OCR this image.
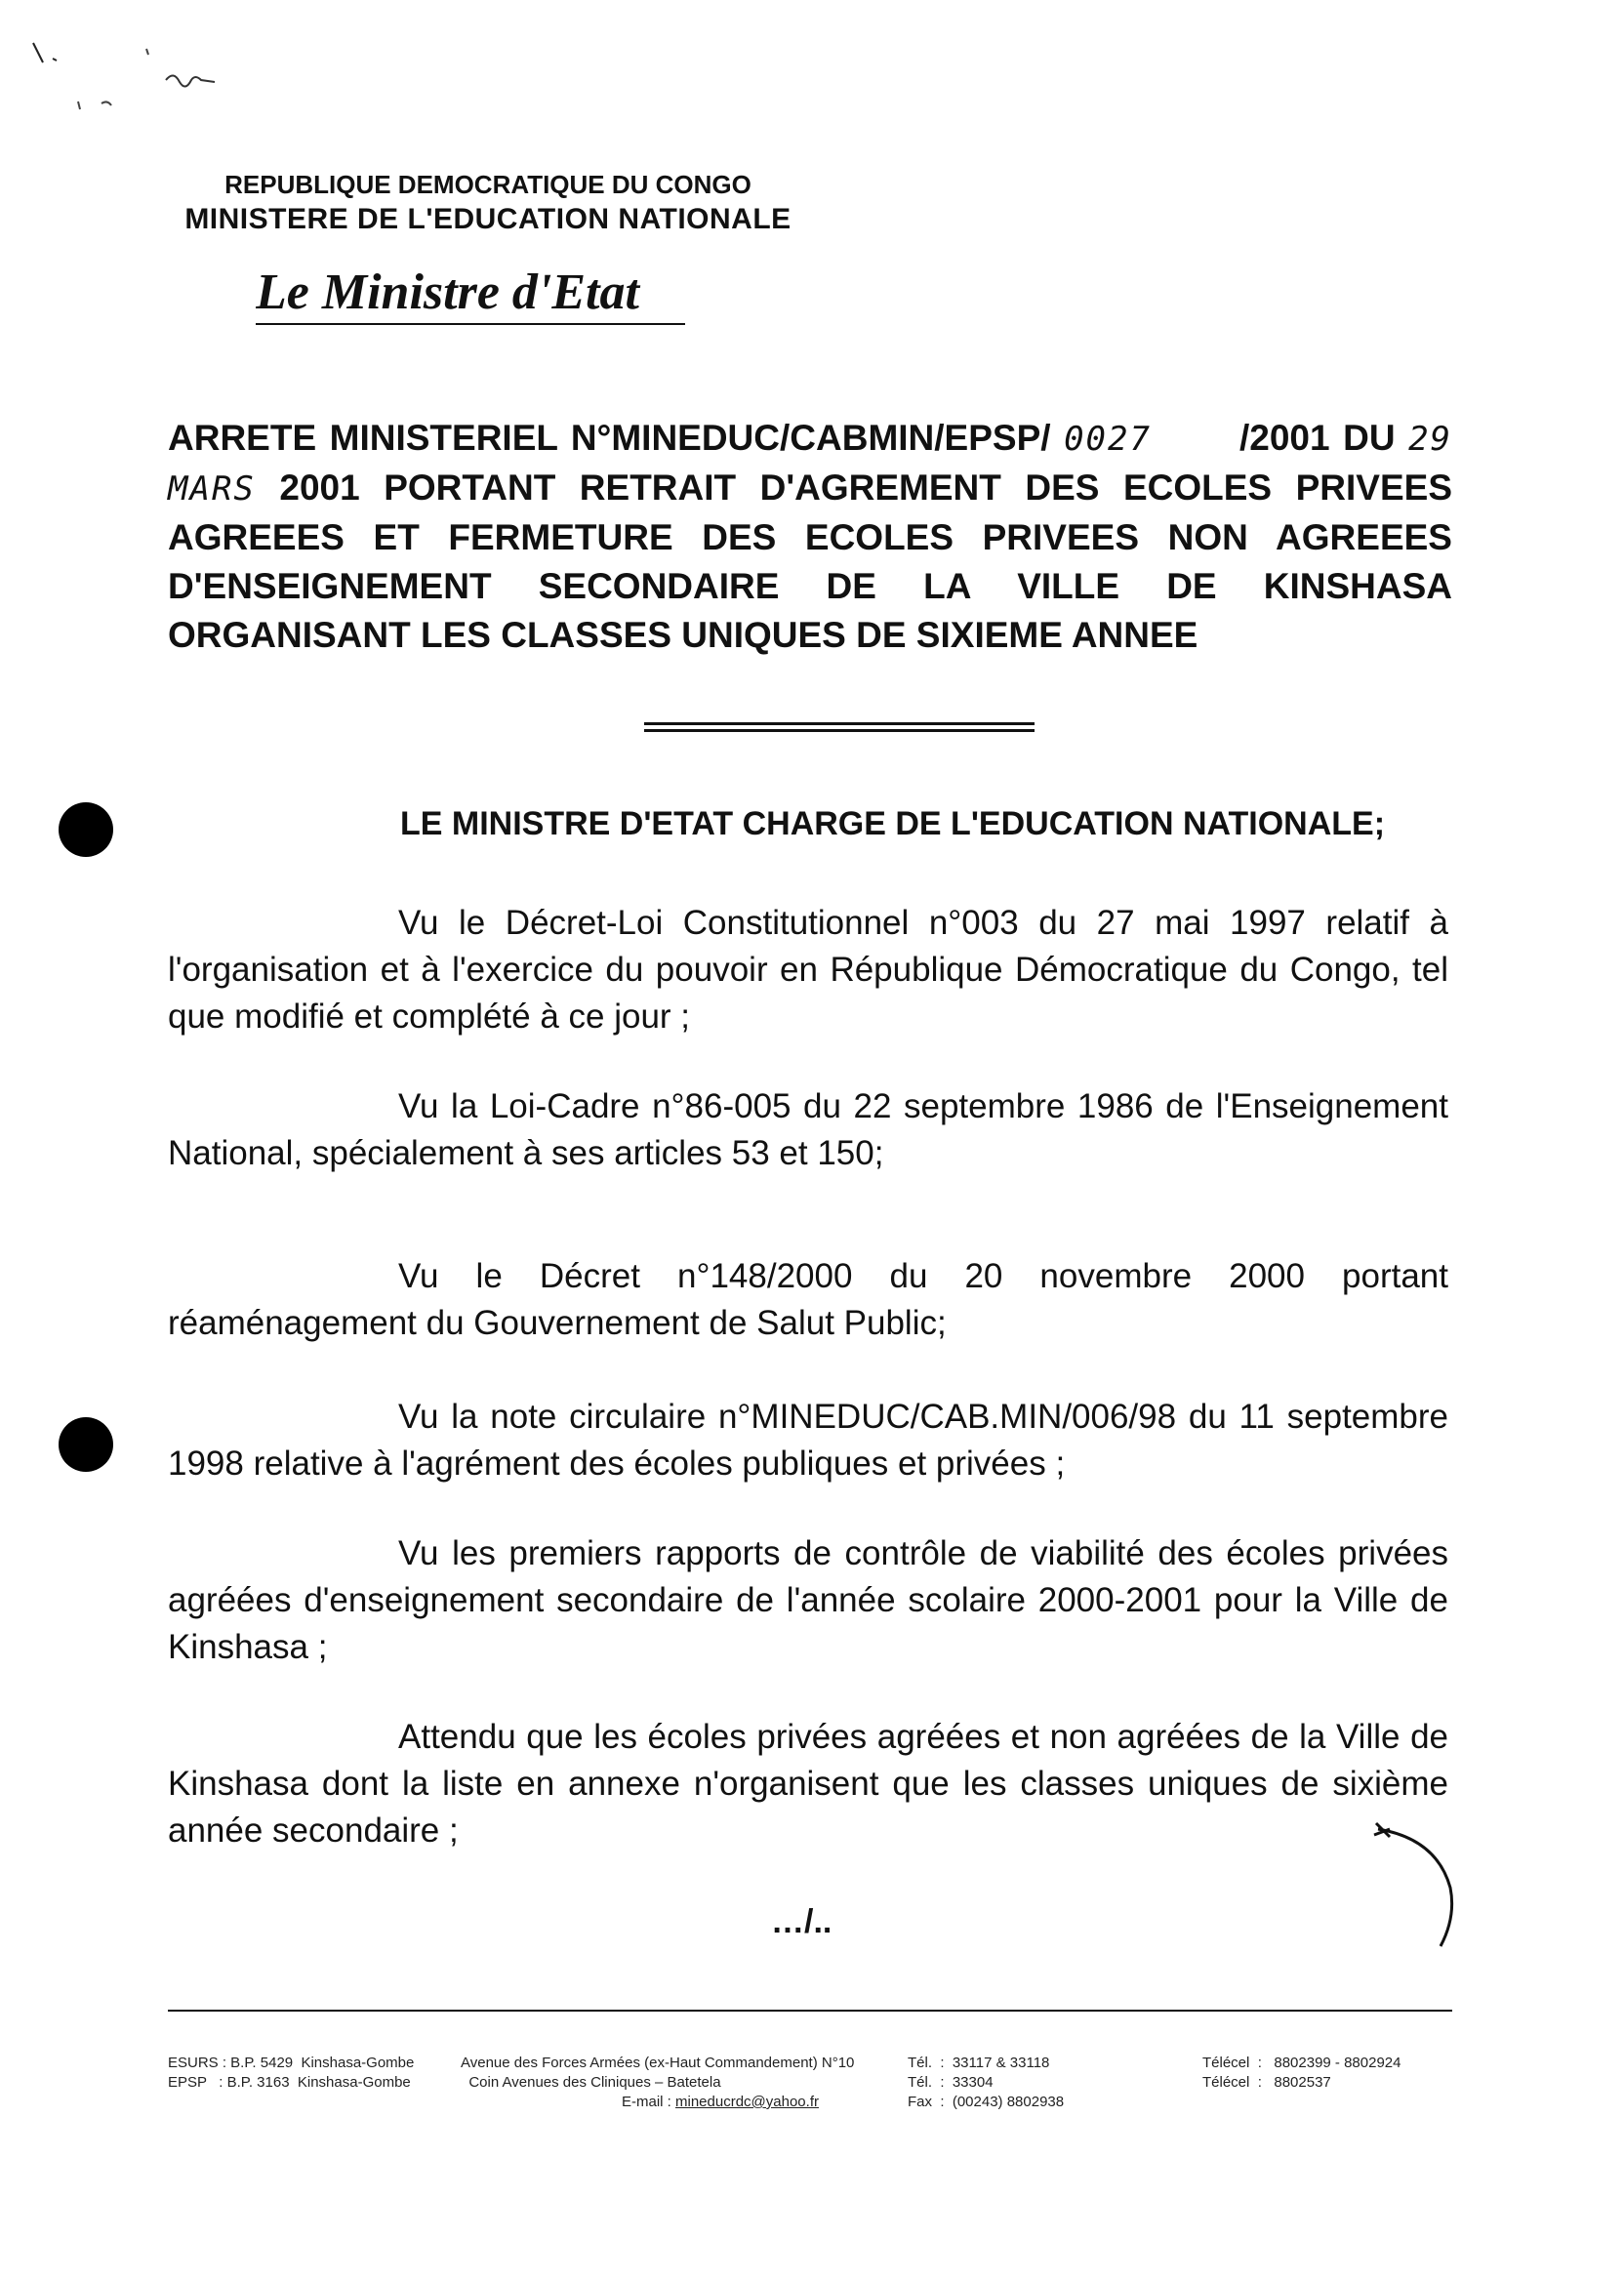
REPUBLIQUE DEMOCRATIQUE DU CONGO
MINISTERE DE L'EDUCATION NATIONALE
Le Ministre d'Etat
ARRETE MINISTERIEL N°MINEDUC/CABMIN/EPSP/ 0027 /2001 DU 29 MARS 2001 PORTANT RETRAIT D'AGREMENT DES ECOLES PRIVEES AGREEES ET FERMETURE DES ECOLES PRIVEES NON AGREEES D'ENSEIGNEMENT SECONDAIRE DE LA VILLE DE KINSHASA ORGANISANT LES CLASSES UNIQUES DE SIXIEME ANNEE
LE MINISTRE D'ETAT CHARGE DE L'EDUCATION NATIONALE;
Vu le Décret-Loi Constitutionnel n°003 du 27 mai 1997 relatif à l'organisation et à l'exercice du pouvoir en République Démocratique du Congo, tel que modifié et complété à ce jour ;
Vu la Loi-Cadre n°86-005 du 22 septembre 1986 de l'Enseignement National, spécialement à ses articles 53 et 150;
Vu le Décret n°148/2000 du 20 novembre 2000 portant réaménagement du Gouvernement de Salut Public;
Vu la note circulaire n°MINEDUC/CAB.MIN/006/98 du 11 septembre 1998 relative à l'agrément des écoles publiques et privées ;
Vu les premiers rapports de contrôle de viabilité des écoles privées agréées d'enseignement secondaire de l'année scolaire 2000-2001 pour la Ville de Kinshasa ;
Attendu que les écoles privées agréées et non agréées de la Ville de Kinshasa dont la liste en annexe n'organisent que les classes uniques de sixième année secondaire ;
…/..
ESURS : B.P. 5429  Kinshasa-Gombe
EPSP   : B.P. 3163  Kinshasa-Gombe
Avenue des Forces Armées (ex-Haut Commandement) N°10
Coin Avenues des Cliniques – Batetela
E-mail : mineducrdc@yahoo.fr
Tél.  :  33117 & 33118
Tél.  :  33304
Fax  :  (00243) 8802938
Télécel  :   8802399 - 8802924
Télécel  :   8802537
